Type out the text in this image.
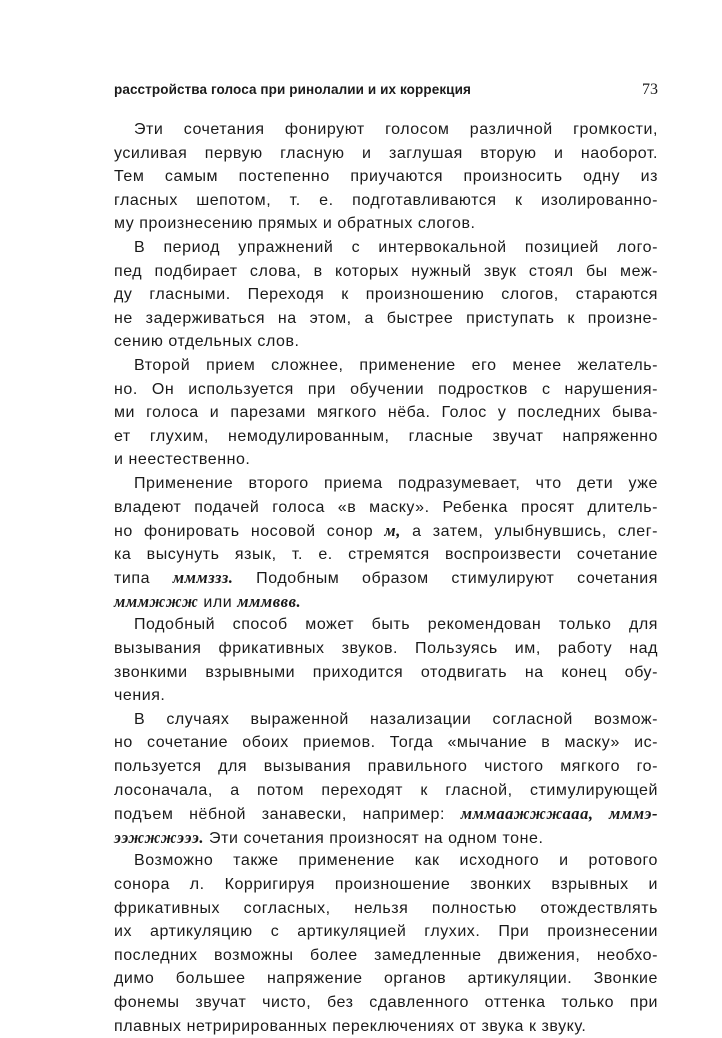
расстройства голоса при ринолалии и их коррекция	73
Эти сочетания фонируют голосом различной громкости,
усиливая первую гласную и заглушая вторую и наоборот.
Тем самым постепенно приучаются произносить одну из
гласных шепотом, т. е. подготавливаются к изолированно-
му произнесению прямых и обратных слогов.
В период упражнений с интервокальной позицией лого-
пед подбирает слова, в которых нужный звук стоял бы меж-
ду гласными. Переходя к произношению слогов, стараются
не задерживаться на этом, а быстрее приступать к произне-
сению отдельных слов.
Второй прием сложнее, применение его менее желатель-
но. Он используется при обучении подростков с нарушения-
ми голоса и парезами мягкого нёба. Голос у последних быва-
ет глухим, немодулированным, гласные звучат напряженно
и неестественно.
Применение второго приема подразумевает, что дети уже
владеют подачей голоса «в маску». Ребенка просят длитель-
но фонировать носовой сонор м, а затем, улыбнувшись, слег-
ка высунуть язык, т. е. стремятся воспроизвести сочетание
типа мммззз. Подобным образом стимулируют сочетания
мммжжж или мммввв.
Подобный способ может быть рекомендован только для
вызывания фрикативных звуков. Пользуясь им, работу над
звонкими взрывными приходится отодвигать на конец обу-
чения.
В случаях выраженной назализации согласной возмож-
но сочетание обоих приемов. Тогда «мычание в маску» ис-
пользуется для вызывания правильного чистого мягкого го-
лосоначала, а потом переходят к гласной, стимулирующей
подъем нёбной занавески, например: мммаажжжааа, мммэ-
ээжжжэээ. Эти сочетания произносят на одном тоне.
Возможно также применение как исходного и ротового
сонора л. Корригируя произношение звонких взрывных и
фрикативных согласных, нельзя полностью отождествлять
их артикуляцию с артикуляцией глухих. При произнесении
последних возможны более замедленные движения, необхо-
димо большее напряжение органов артикуляции. Звонкие
фонемы звучат чисто, без сдавленного оттенка только при
плавных нетрирированных переключениях от звука к звуку.
